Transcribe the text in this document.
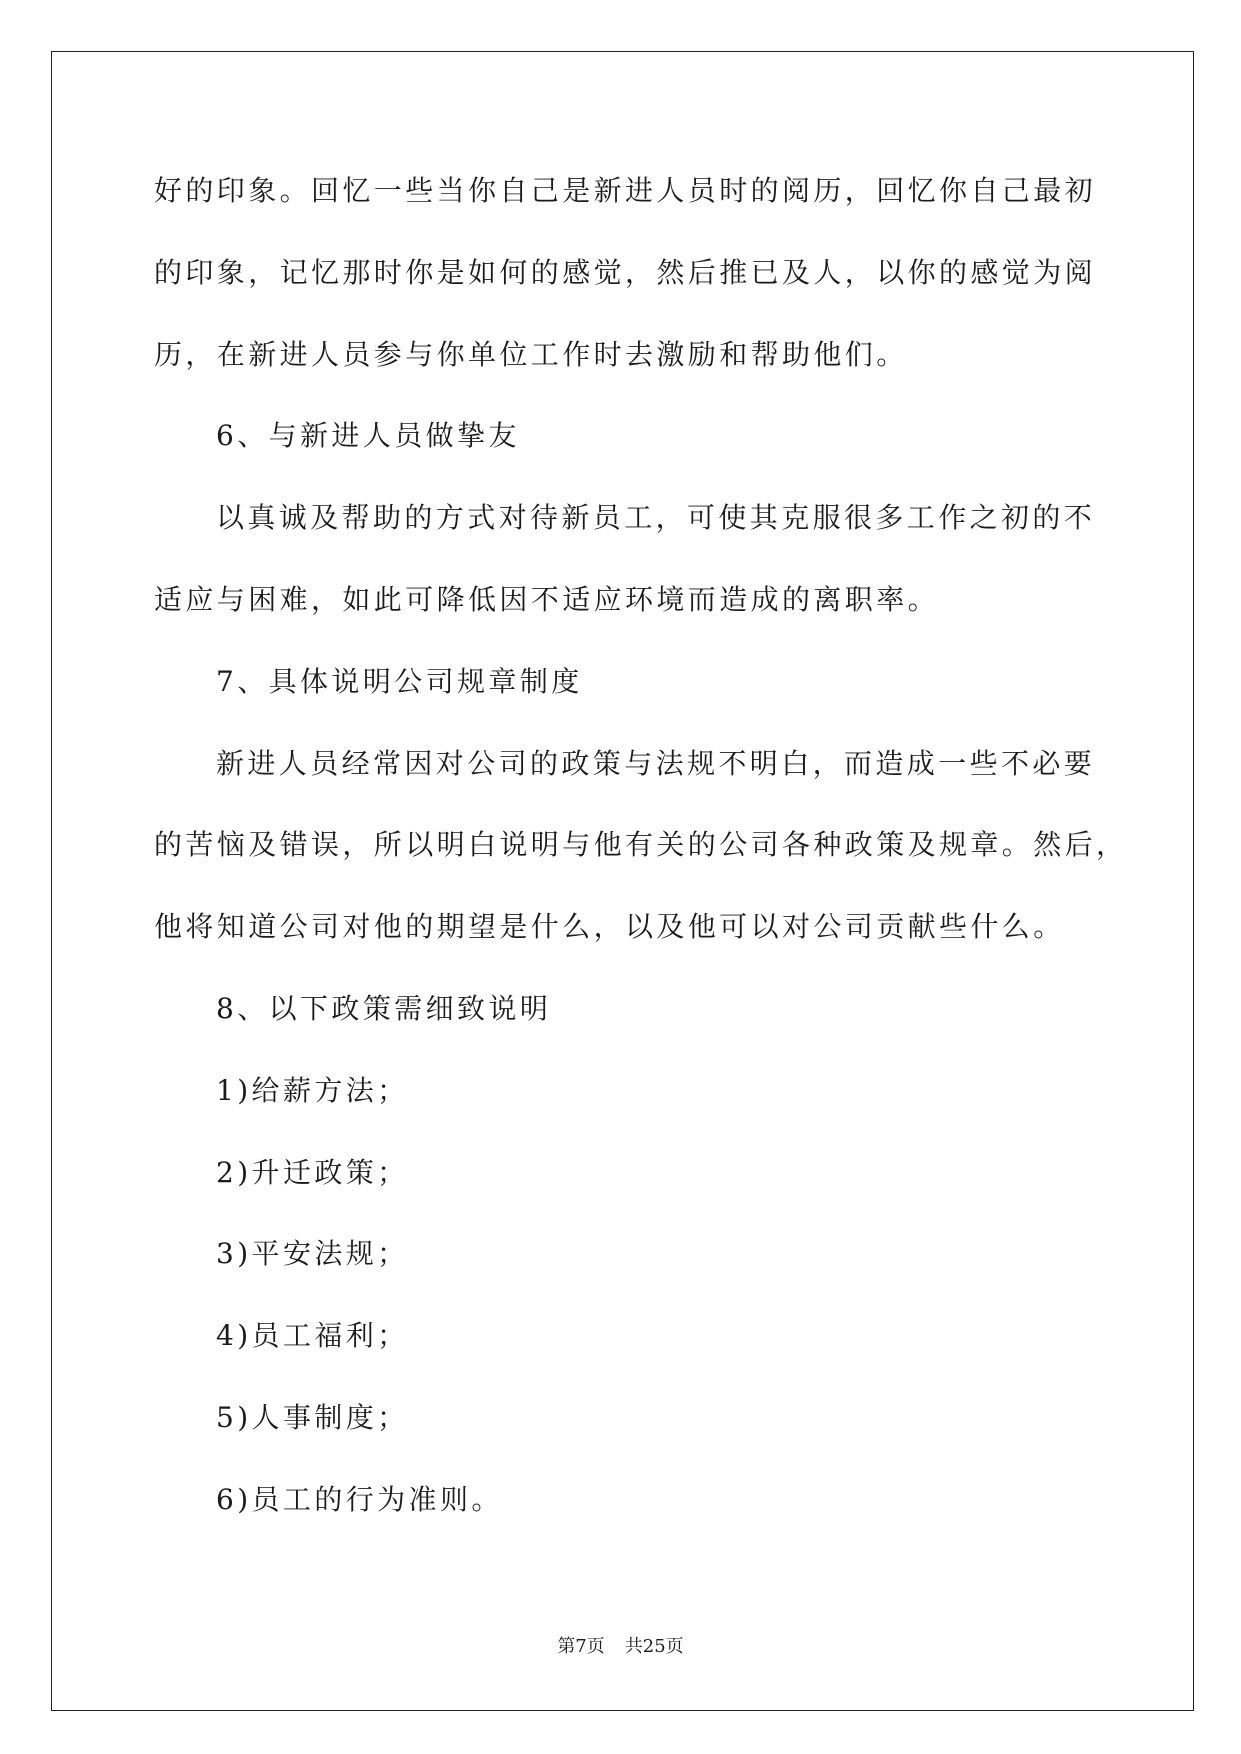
好的印象。回忆一些当你自己是新进人员时的阅历，回忆你自己最初
的印象，记忆那时你是如何的感觉，然后推已及人，以你的感觉为阅
历，在新进人员参与你单位工作时去激励和帮助他们。
6、与新进人员做挚友
以真诚及帮助的方式对待新员工，可使其克服很多工作之初的不
适应与困难，如此可降低因不适应环境而造成的离职率。
7、具体说明公司规章制度
新进人员经常因对公司的政策与法规不明白，而造成一些不必要
的苦恼及错误，所以明白说明与他有关的公司各种政策及规章。然后，
他将知道公司对他的期望是什么，以及他可以对公司贡献些什么。
8、以下政策需细致说明
1)给薪方法；
2)升迁政策；
3)平安法规；
4)员工福利；
5)人事制度；
6)员工的行为准则。
第7页 共25页
